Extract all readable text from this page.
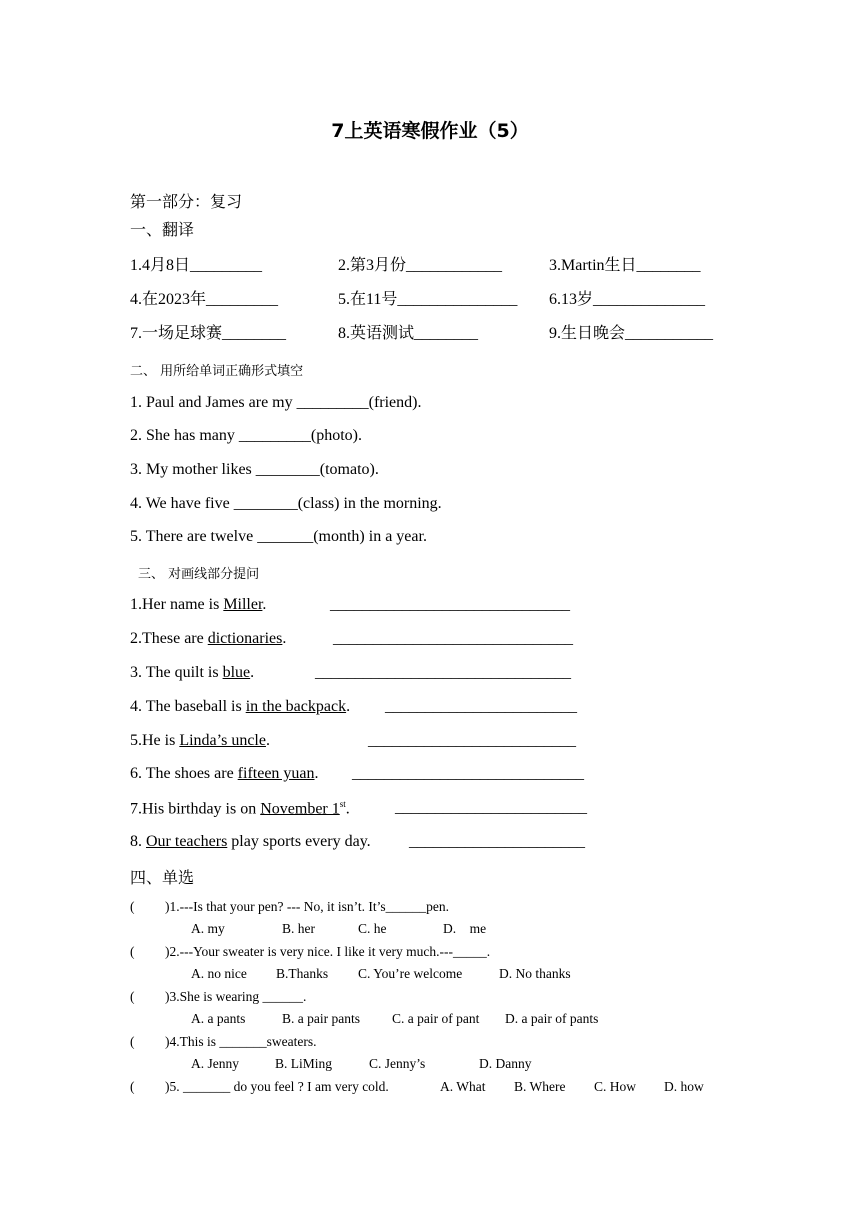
7上英语寒假作业（5）
第一部分：复习
一、翻译
1.4月8日_________	2.第3月份____________	3.Martin生日________
4.在2023年_________	5.在11号_______________ 6.13岁______________
7.一场足球赛________	8.英语测试________	9.生日晚会___________
二、 用所给单词正确形式填空
1. Paul and James are my _________(friend).
2. She has many _________(photo).
3. My mother likes ________(tomato).
4. We have five ________(class) in the morning.
5. There are twelve _______(month) in a year.
三、 对画线部分提问
1.Her name is Miller.	______________________________
2.These are dictionaries.	______________________________
3. The quilt is blue.	________________________________
4. The baseball is in the backpack. ________________________
5.He is Linda’s uncle.	__________________________
6. The shoes are fifteen yuan. _____________________________
7.His birthday is on November 1st.	________________________
8. Our teachers play sports every day. ______________________
四、单选
( )1.---Is that your pen? --- No, it isn’t. It’s______pen.
A. my	B. her	C. he	D.    me
( )2.---Your sweater is very nice. I like it very much.---_____.
A. no nice B.Thanks C. You’re welcome	D. No thanks
( )3.She is wearing ______.
A. a pants	B. a pair pants C. a pair of pant D. a pair of pants
( )4.This is _______sweaters.
A. Jenny	B. LiMing	C. Jenny’s	D. Danny
( )5. _______ do you feel ? I am very cold.	A. What B. Where C. How D. how
